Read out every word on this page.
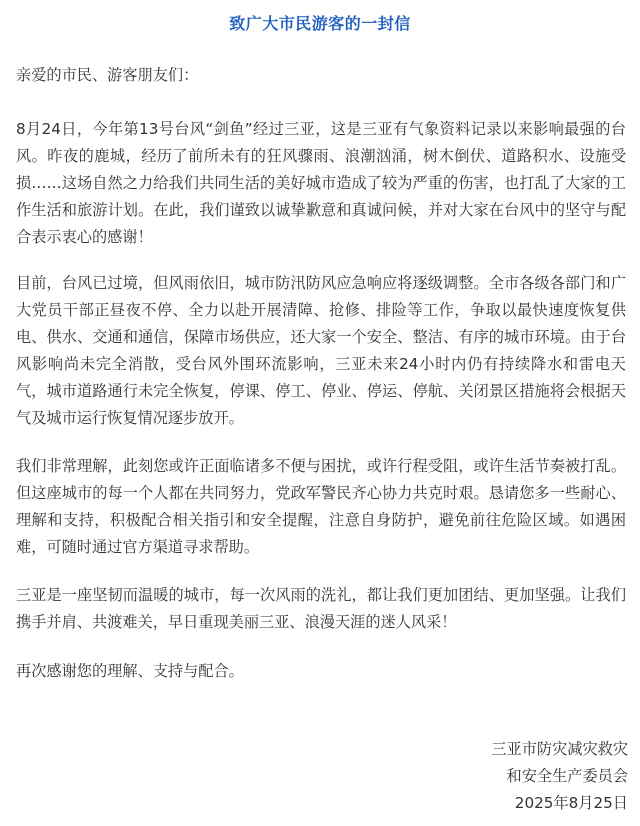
致广大市民游客的一封信

亲爱的市民、游客朋友们：

8月24日，今年第13号台风“剑鱼”经过三亚，这是三亚有气象资料记录以来影响最强的台风。昨夜的鹿城，经历了前所未有的狂风骤雨、浪潮汹涌，树木倒伏、道路积水、设施受损……这场自然之力给我们共同生活的美好城市造成了较为严重的伤害，也打乱了大家的工作生活和旅游计划。在此，我们谨致以诚挚歉意和真诚问候，并对大家在台风中的坚守与配合表示衷心的感谢！

目前，台风已过境，但风雨依旧，城市防汛防风应急响应将逐级调整。全市各级各部门和广大党员干部正昼夜不停、全力以赴开展清障、抢修、排险等工作，争取以最快速度恢复供电、供水、交通和通信，保障市场供应，还大家一个安全、整洁、有序的城市环境。由于台风影响尚未完全消散，受台风外围环流影响，三亚未来24小时内仍有持续降水和雷电天气，城市道路通行未完全恢复，停课、停工、停业、停运、停航、关闭景区措施将会根据天气及城市运行恢复情况逐步放开。

我们非常理解，此刻您或许正面临诸多不便与困扰，或许行程受阻，或许生活节奏被打乱。但这座城市的每一个人都在共同努力，党政军警民齐心协力共克时艰。恳请您多一些耐心、理解和支持，积极配合相关指引和安全提醒，注意自身防护，避免前往危险区域。如遇困难，可随时通过官方渠道寻求帮助。

三亚是一座坚韧而温暖的城市，每一次风雨的洗礼，都让我们更加团结、更加坚强。让我们携手并肩、共渡难关，早日重现美丽三亚、浪漫天涯的迷人风采！

再次感谢您的理解、支持与配合。

三亚市防灾减灾救灾
和安全生产委员会
2025年8月25日
